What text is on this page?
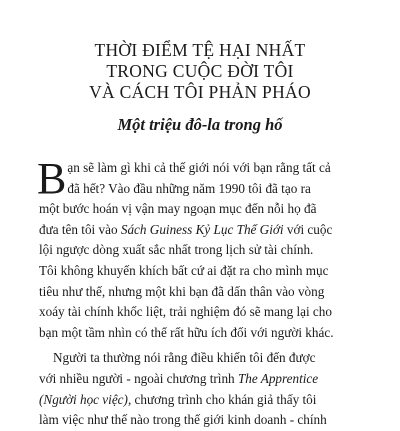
THỜI ĐIỂM TỆ HẠI NHẤT
TRONG CUỘC ĐỜI TÔI
VÀ CÁCH TÔI PHẢN PHÁO
Một triệu đô-la trong hố

B ạn sẽ làm gì khi cả thế giới nói với bạn rằng tất cả
đã hết? Vào đầu những năm 1990 tôi đã tạo ra
một bước hoán vị vận may ngoạn mục đến nỗi họ đã
đưa tên tôi vào Sách Guiness Kỷ Lục Thế Giới với cuộc
lội ngược dòng xuất sắc nhất trong lịch sử tài chính.
Tôi không khuyến khích bất cứ ai đặt ra cho mình mục
tiêu như thế, nhưng một khi bạn đã dấn thân vào vòng
xoáy tài chính khốc liệt, trải nghiệm đó sẽ mang lại cho
bạn một tầm nhìn có thể rất hữu ích đối với người khác.

Người ta thường nói rằng điều khiến tôi đến được
với nhiều người - ngoài chương trình The Apprentice
(Người học việc), chương trình cho khán giả thấy tôi
làm việc như thế nào trong thế giới kinh doanh - chính
